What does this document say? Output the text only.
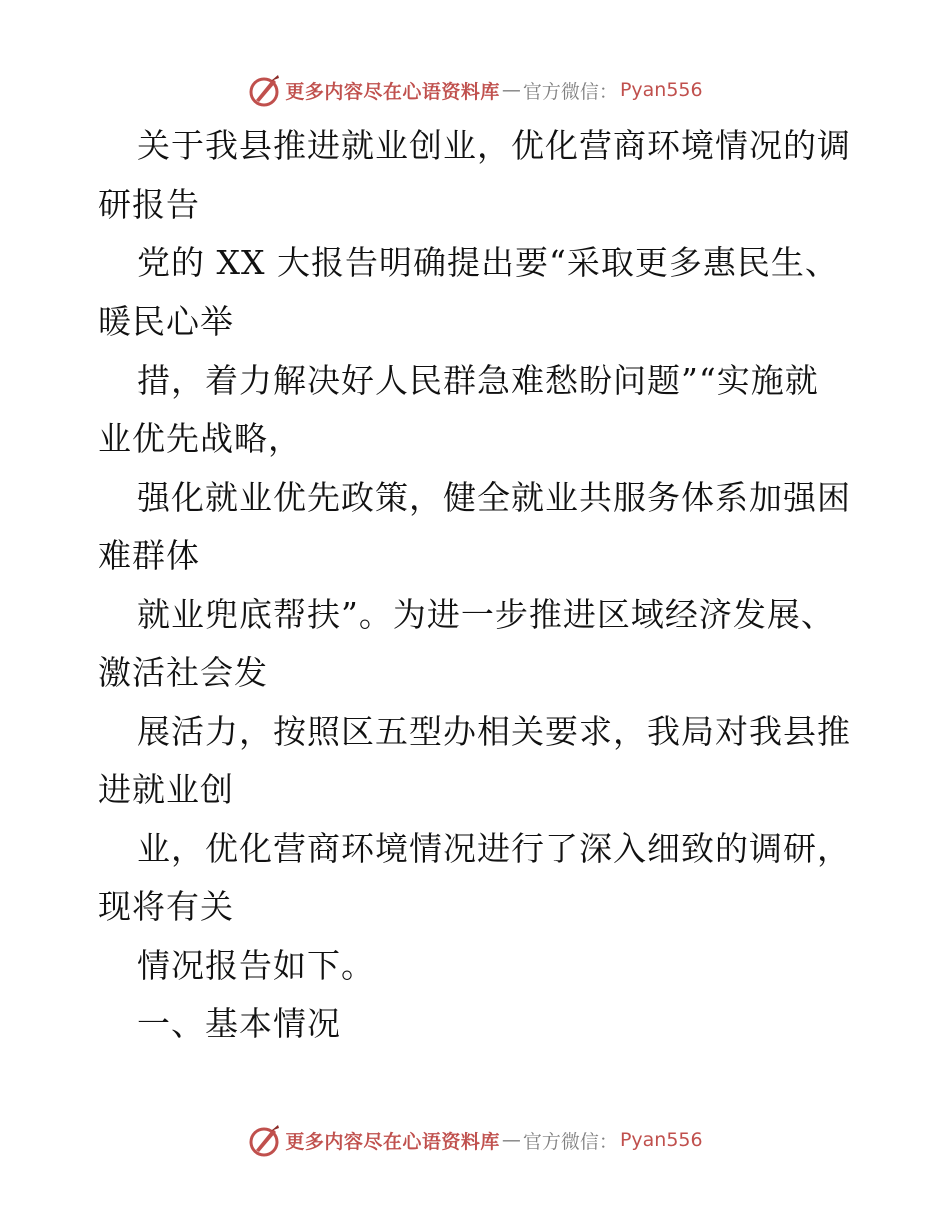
更多内容尽在心语资料库 — 官方微信： Pyan556
关于我县推进就业创业，优化营商环境情况的调
研报告
党的 XX 大报告明确提出要“采取更多惠民生、
暖民心举
措，着力解决好人民群急难愁盼问题”“实施就
业优先战略，
强化就业优先政策，健全就业共服务体系加强困
难群体
就业兜底帮扶”。为进一步推进区域经济发展、
激活社会发
展活力，按照区五型办相关要求，我局对我县推
进就业创
业，优化营商环境情况进行了深入细致的调研，
现将有关
情况报告如下。
一、基本情况
更多内容尽在心语资料库 — 官方微信： Pyan556
